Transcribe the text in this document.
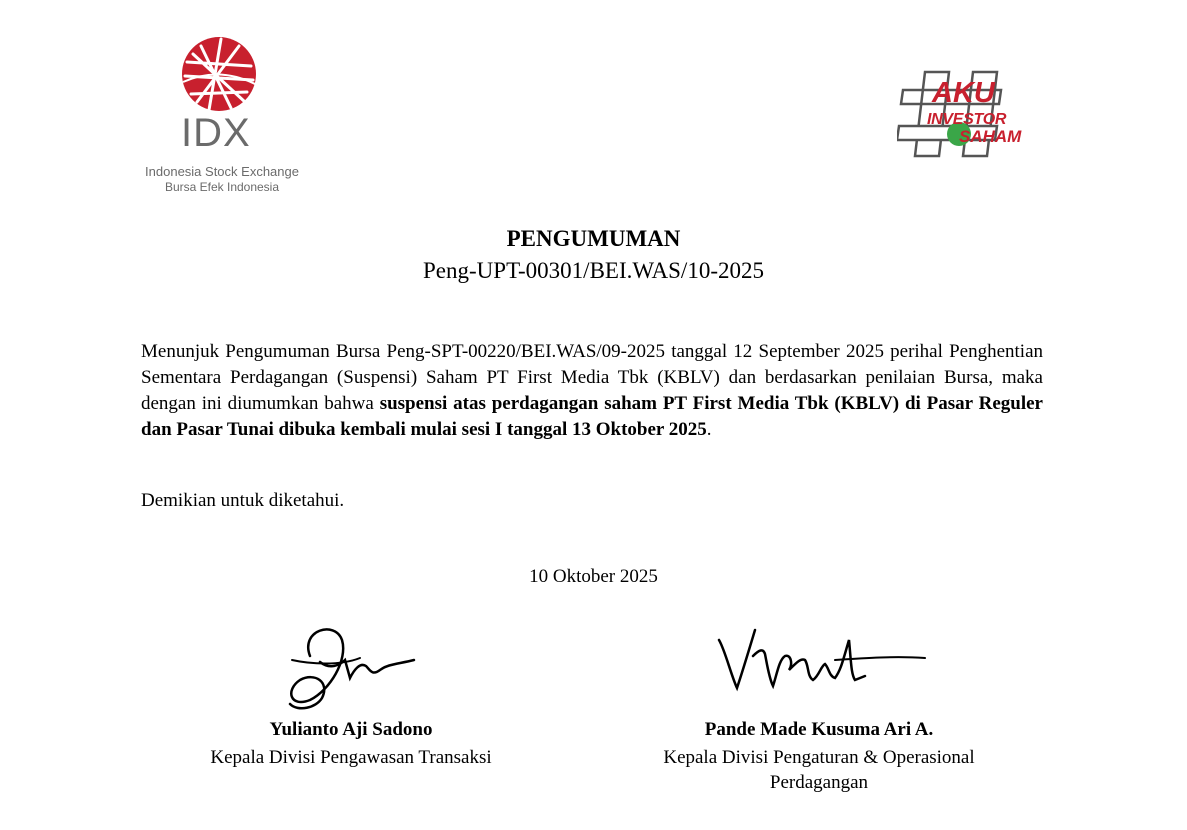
IDX
Indonesia Stock Exchange
Bursa Efek Indonesia
AKU
INVESTOR
SAHAM
PENGUMUMAN
Peng-UPT-00301/BEI.WAS/10-2025
Menunjuk Pengumuman Bursa Peng-SPT-00220/BEI.WAS/09-2025 tanggal 12 September 2025 perihal Penghentian Sementara Perdagangan (Suspensi) Saham PT First Media Tbk (KBLV) dan berdasarkan penilaian Bursa, maka dengan ini diumumkan bahwa suspensi atas perdagangan saham PT First Media Tbk (KBLV) di Pasar Reguler dan Pasar Tunai dibuka kembali mulai sesi I tanggal 13 Oktober 2025.
Demikian untuk diketahui.
10 Oktober 2025
Yulianto Aji Sadono
Kepala Divisi Pengawasan Transaksi
Pande Made Kusuma Ari A.
Kepala Divisi Pengaturan & Operasional Perdagangan
